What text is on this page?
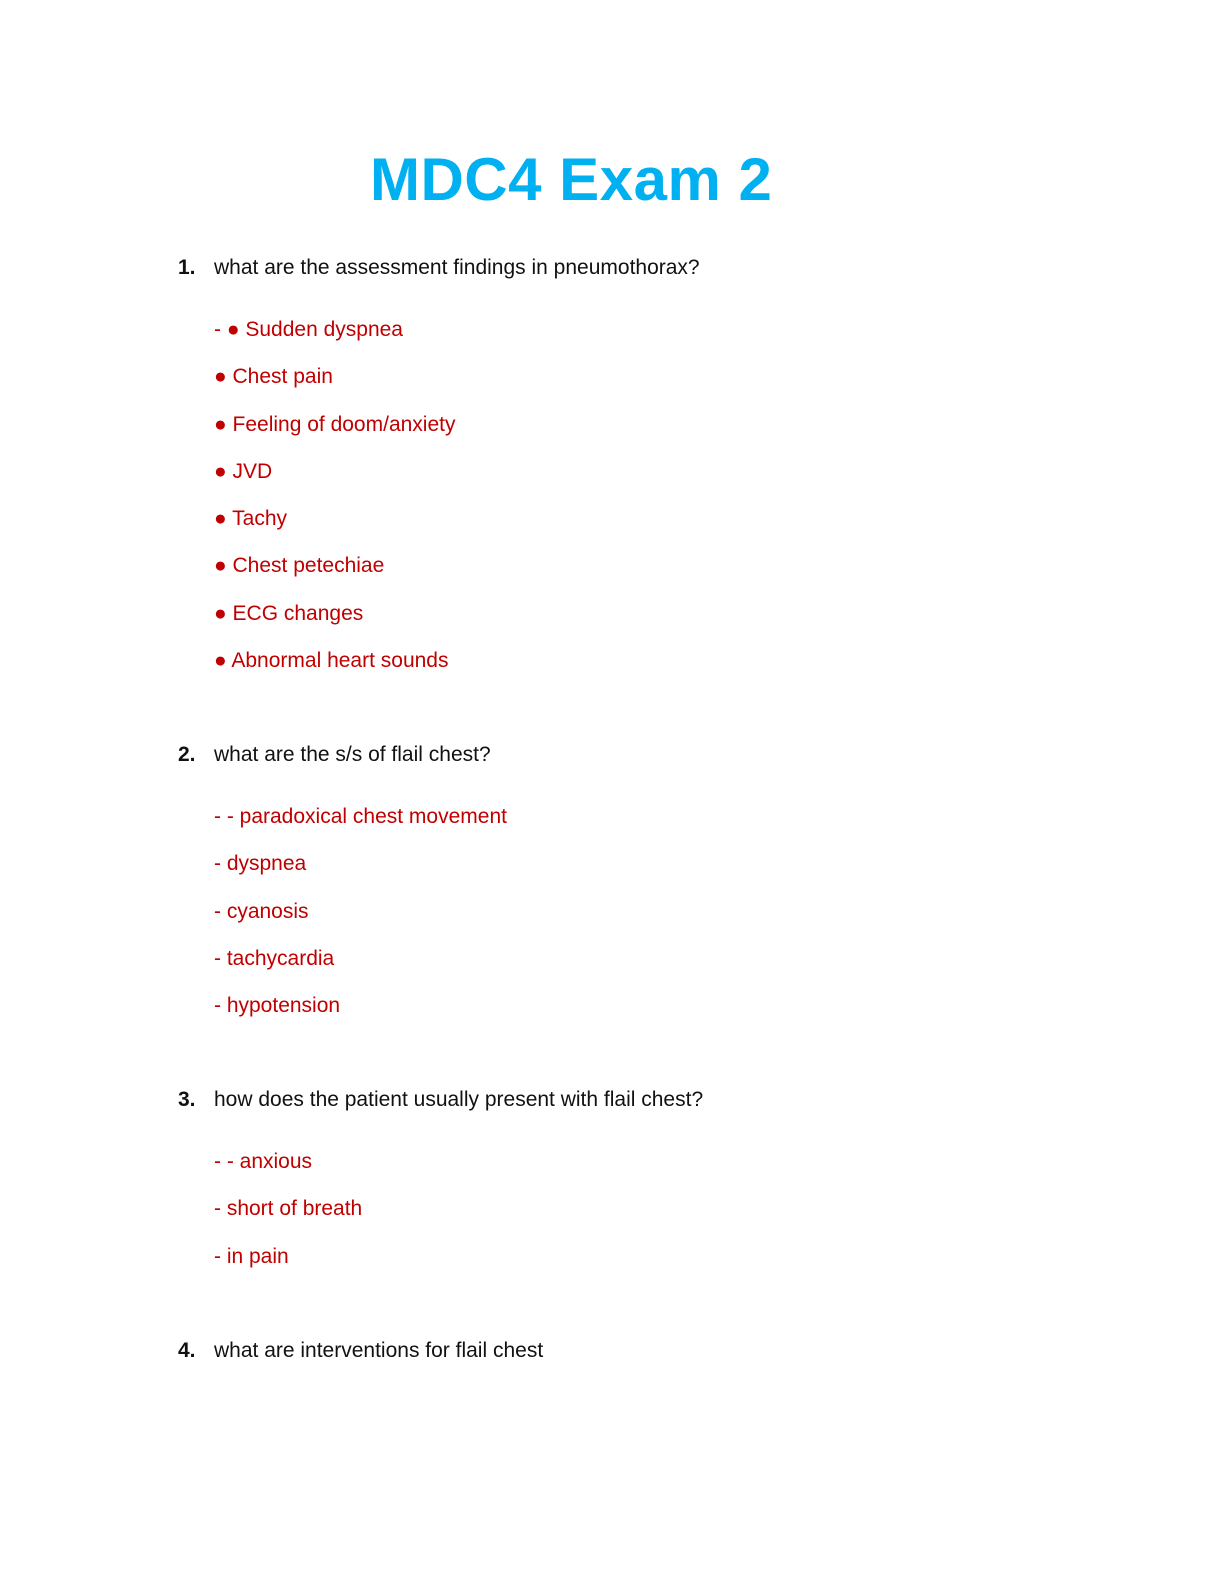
MDC4 Exam 2
1. what are the assessment findings in pneumothorax?
- ● Sudden dyspnea
● Chest pain
● Feeling of doom/anxiety
● JVD
● Tachy
● Chest petechiae
● ECG changes
● Abnormal heart sounds
2. what are the s/s of flail chest?
- - paradoxical chest movement
- dyspnea
- cyanosis
- tachycardia
- hypotension
3. how does the patient usually present with flail chest?
- - anxious
- short of breath
- in pain
4. what are interventions for flail chest
